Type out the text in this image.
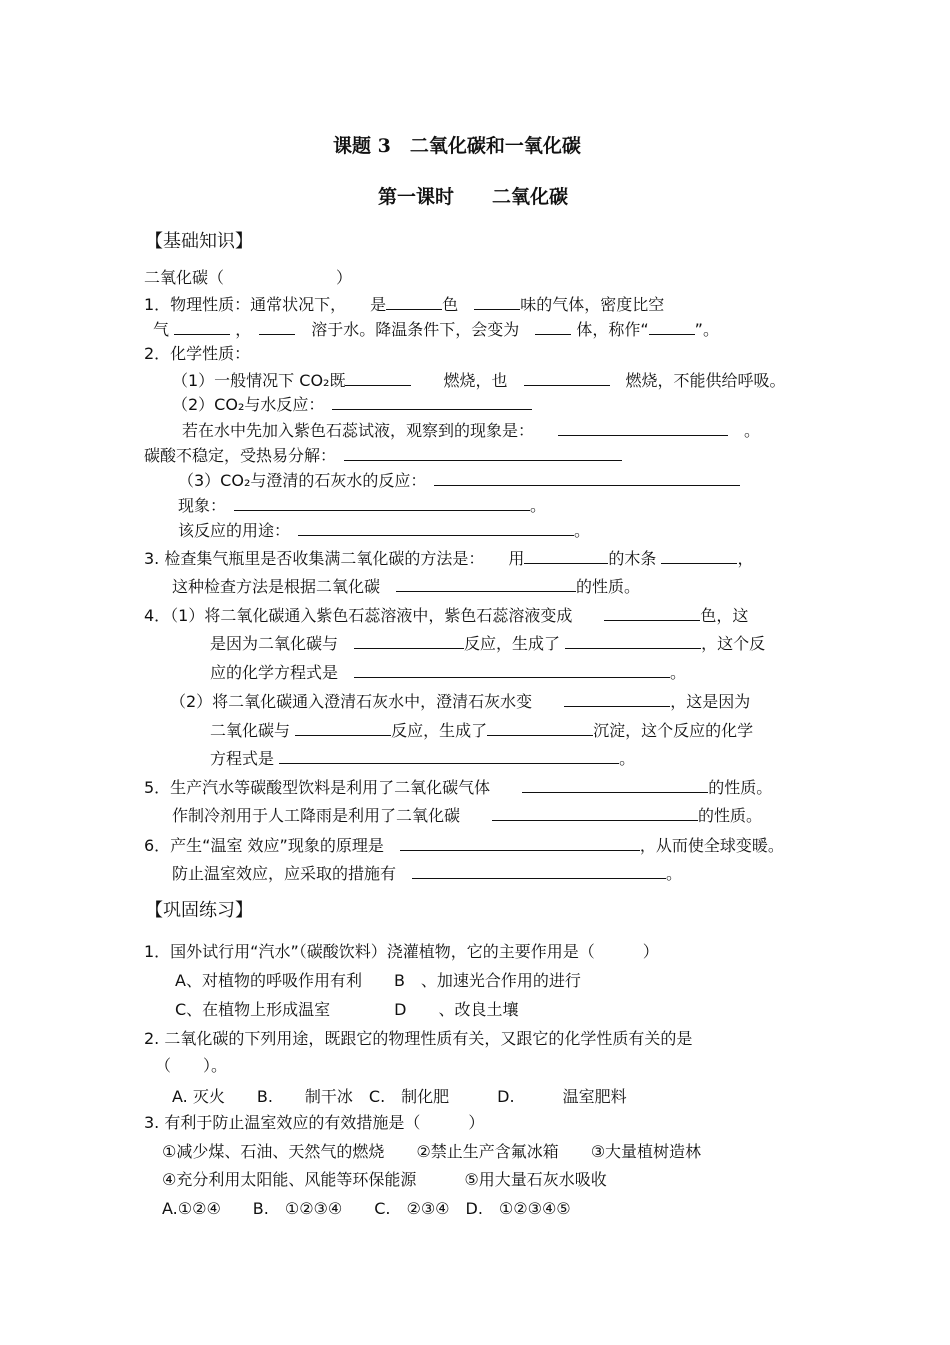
课题 3　二氧化碳和一氧化碳
第一课时　　二氧化碳
【基础知识】
二氧化碳（　　　　　　　）
1．物理性质：通常状况下，　　是	色　	味的气体，密度比空
气	，　　	溶于水。降温条件下，会变为　	体，称作“	”。
2．化学性质：
（1）一般情况下 CO₂既　　	燃烧，也　　	燃烧，不能供给呼吸。
（2）CO₂与水反应：　
若在水中先加入紫色石蕊试液，观察到的现象是：　　　	。
碳酸不稳定，受热易分解：　
（3）CO₂与澄清的石灰水的反应：　
现象：　	。
该反应的用途：　	。
3. 检查集气瓶里是否收集满二氧化碳的方法是：　　用	的木条	，
这种检查方法是根据二氧化碳　	的性质。
4．（1）将二氧化碳通入紫色石蕊溶液中，紫色石蕊溶液变成　　	色，这
是因为二氧化碳与　	反应，生成了	，这个反
应的化学方程式是　	。
（2）将二氧化碳通入澄清石灰水中，澄清石灰水变　　	，这是因为
二氧化碳与	反应，生成了	沉淀，这个反应的化学
方程式是	。
5．生产汽水等碳酸型饮料是利用了二氧化碳气体　　	的性质。
作制冷剂用于人工降雨是利用了二氧化碳　　	的性质。
6．产生“温室 效应”现象的原理是　	，从而使全球变暖。
防止温室效应，应采取的措施有　	。
【巩固练习】
1．国外试行用“汽水”（碳酸饮料）浇灌植物，它的主要作用是（　　　）
A、对植物的呼吸作用有利　　B　、加速光合作用的进行
C、在植物上形成温室　　　　D　　、改良土壤
2. 二氧化碳的下列用途，既跟它的物理性质有关，又跟它的化学性质有关的是
（　　）。
A. 灭火　　B.　　制干冰　C.　制化肥　　　D.　　　温室肥料
3. 有利于防止温室效应的有效措施是（　　　）
①减少煤、石油、天然气的燃烧　　②禁止生产含氟冰箱　　③大量植树造林
④充分利用太阳能、风能等环保能源　　　⑤用大量石灰水吸收
A.①②④　　B.　①②③④　　C.　②③④　D.　①②③④⑤
